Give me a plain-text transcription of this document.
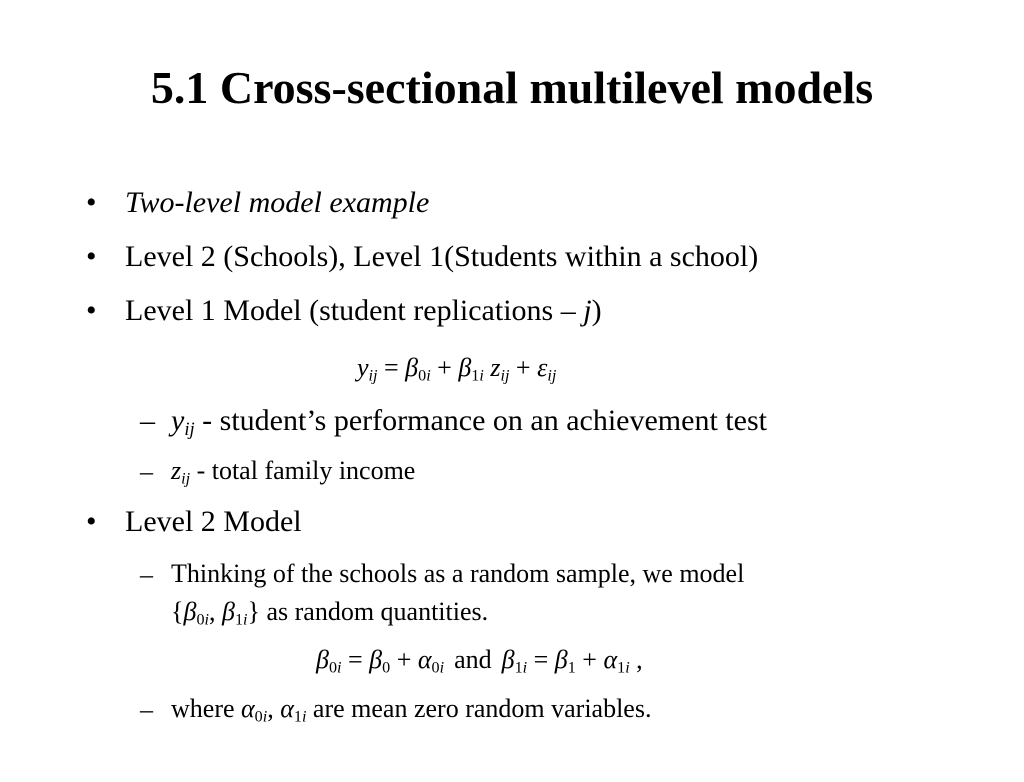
5.1 Cross-sectional multilevel models
• Two-level model example
• Level 2 (Schools), Level 1(Students within a school)
• Level 1 Model (student replications – j)
$y_{ij} = \beta_{0i} + \beta_{1i}$ $z_{ij} + \varepsilon_{ij}$
– $y_{ij}$ - student’s performance on an achievement test
– $z_{ij}$ - total family income
• Level 2 Model
– Thinking of the schools as a random sample, we model
{$\beta_{0i}$, $\beta_{1i}$} as random quantities.
$\beta_{0i} = \beta_0 + \alpha_{0i}$ and $\beta_{1i} = \beta_1 + \alpha_{1i}$ ,
– where $\alpha_{0i}$, $\alpha_{1i}$ are mean zero random variables.
